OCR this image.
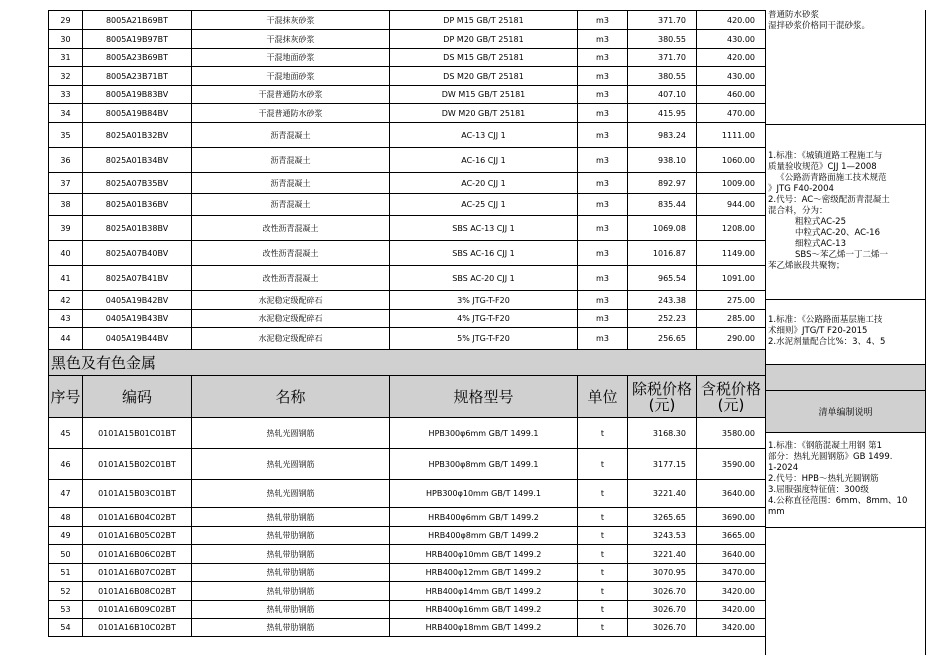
29	8005A21B69BT	干混抹灰砂浆	DP M15 GB/T 25181	m3	371.70	420.00
30	8005A19B97BT	干混抹灰砂浆	DP M20 GB/T 25181	m3	380.55	430.00
31	8005A23B69BT	干混地面砂浆	DS M15 GB/T 25181	m3	371.70	420.00
32	8005A23B71BT	干混地面砂浆	DS M20 GB/T 25181	m3	380.55	430.00
33	8005A19B83BV	干混普通防水砂浆	DW M15 GB/T 25181	m3	407.10	460.00
34	8005A19B84BV	干混普通防水砂浆	DW M20 GB/T 25181	m3	415.95	470.00
35	8025A01B32BV	沥青混凝土	AC-13 CJJ 1	m3	983.24	1111.00
36	8025A01B34BV	沥青混凝土	AC-16 CJJ 1	m3	938.10	1060.00
37	8025A07B35BV	沥青混凝土	AC-20 CJJ 1	m3	892.97	1009.00
38	8025A01B36BV	沥青混凝土	AC-25 CJJ 1	m3	835.44	944.00
39	8025A01B38BV	改性沥青混凝土	SBS AC-13 CJJ 1	m3	1069.08	1208.00
40	8025A07B40BV	改性沥青混凝土	SBS AC-16 CJJ 1	m3	1016.87	1149.00
41	8025A07B41BV	改性沥青混凝土	SBS AC-20 CJJ 1	m3	965.54	1091.00
42	0405A19B42BV	水泥稳定级配碎石	3% JTG-T-F20	m3	243.38	275.00
43	0405A19B43BV	水泥稳定级配碎石	4% JTG-T-F20	m3	252.23	285.00
44	0405A19B44BV	水泥稳定级配碎石	5% JTG-T-F20	m3	256.65	290.00
黑色及有色金属						
序号	编码	名称	规格型号	单位	除税价格(元)	含税价格(元)
45	0101A15B01C01BT	热轧光圆钢筋	HPB300φ6mm GB/T 1499.1	t	3168.30	3580.00
46	0101A15B02C01BT	热轧光圆钢筋	HPB300φ8mm GB/T 1499.1	t	3177.15	3590.00
47	0101A15B03C01BT	热轧光圆钢筋	HPB300φ10mm GB/T 1499.1	t	3221.40	3640.00
48	0101A16B04C02BT	热轧带肋钢筋	HRB400φ6mm GB/T 1499.2	t	3265.65	3690.00
49	0101A16B05C02BT	热轧带肋钢筋	HRB400φ8mm GB/T 1499.2	t	3243.53	3665.00
50	0101A16B06C02BT	热轧带肋钢筋	HRB400φ10mm GB/T 1499.2	t	3221.40	3640.00
51	0101A16B07C02BT	热轧带肋钢筋	HRB400φ12mm GB/T 1499.2	t	3070.95	3470.00
52	0101A16B08C02BT	热轧带肋钢筋	HRB400φ14mm GB/T 1499.2	t	3026.70	3420.00
53	0101A16B09C02BT	热轧带肋钢筋	HRB400φ16mm GB/T 1499.2	t	3026.70	3420.00
54	0101A16B10C02BT	热轧带肋钢筋	HRB400φ18mm GB/T 1499.2	t	3026.70	3420.00
普通防水砂浆
湿拌砂浆价格同干混砂浆。
1.标准：《城镇道路工程施工与
质量验收规范》CJJ 1—2008
《公路沥青路面施工技术规范
》JTG F40-2004
2.代号：AC～密级配沥青混凝土
混合料，分为：
粗粒式AC-25
中粒式AC-20、AC-16
细粒式AC-13
SBS～苯乙烯一丁二烯一
苯乙烯嵌段共聚物；
1.标准：《公路路面基层施工技
术细则》JTG/T F20-2015
2.水泥剂量配合比%：3、4、5

清单编制说明
1.标准：《钢筋混凝土用钢 第1
部分：热轧光圆钢筋》GB 1499.
1-2024
2.代号：HPB～热轧光圆钢筋
3.屈服强度特征值：300级
4.公称直径范围：6mm、8mm、10
mm
